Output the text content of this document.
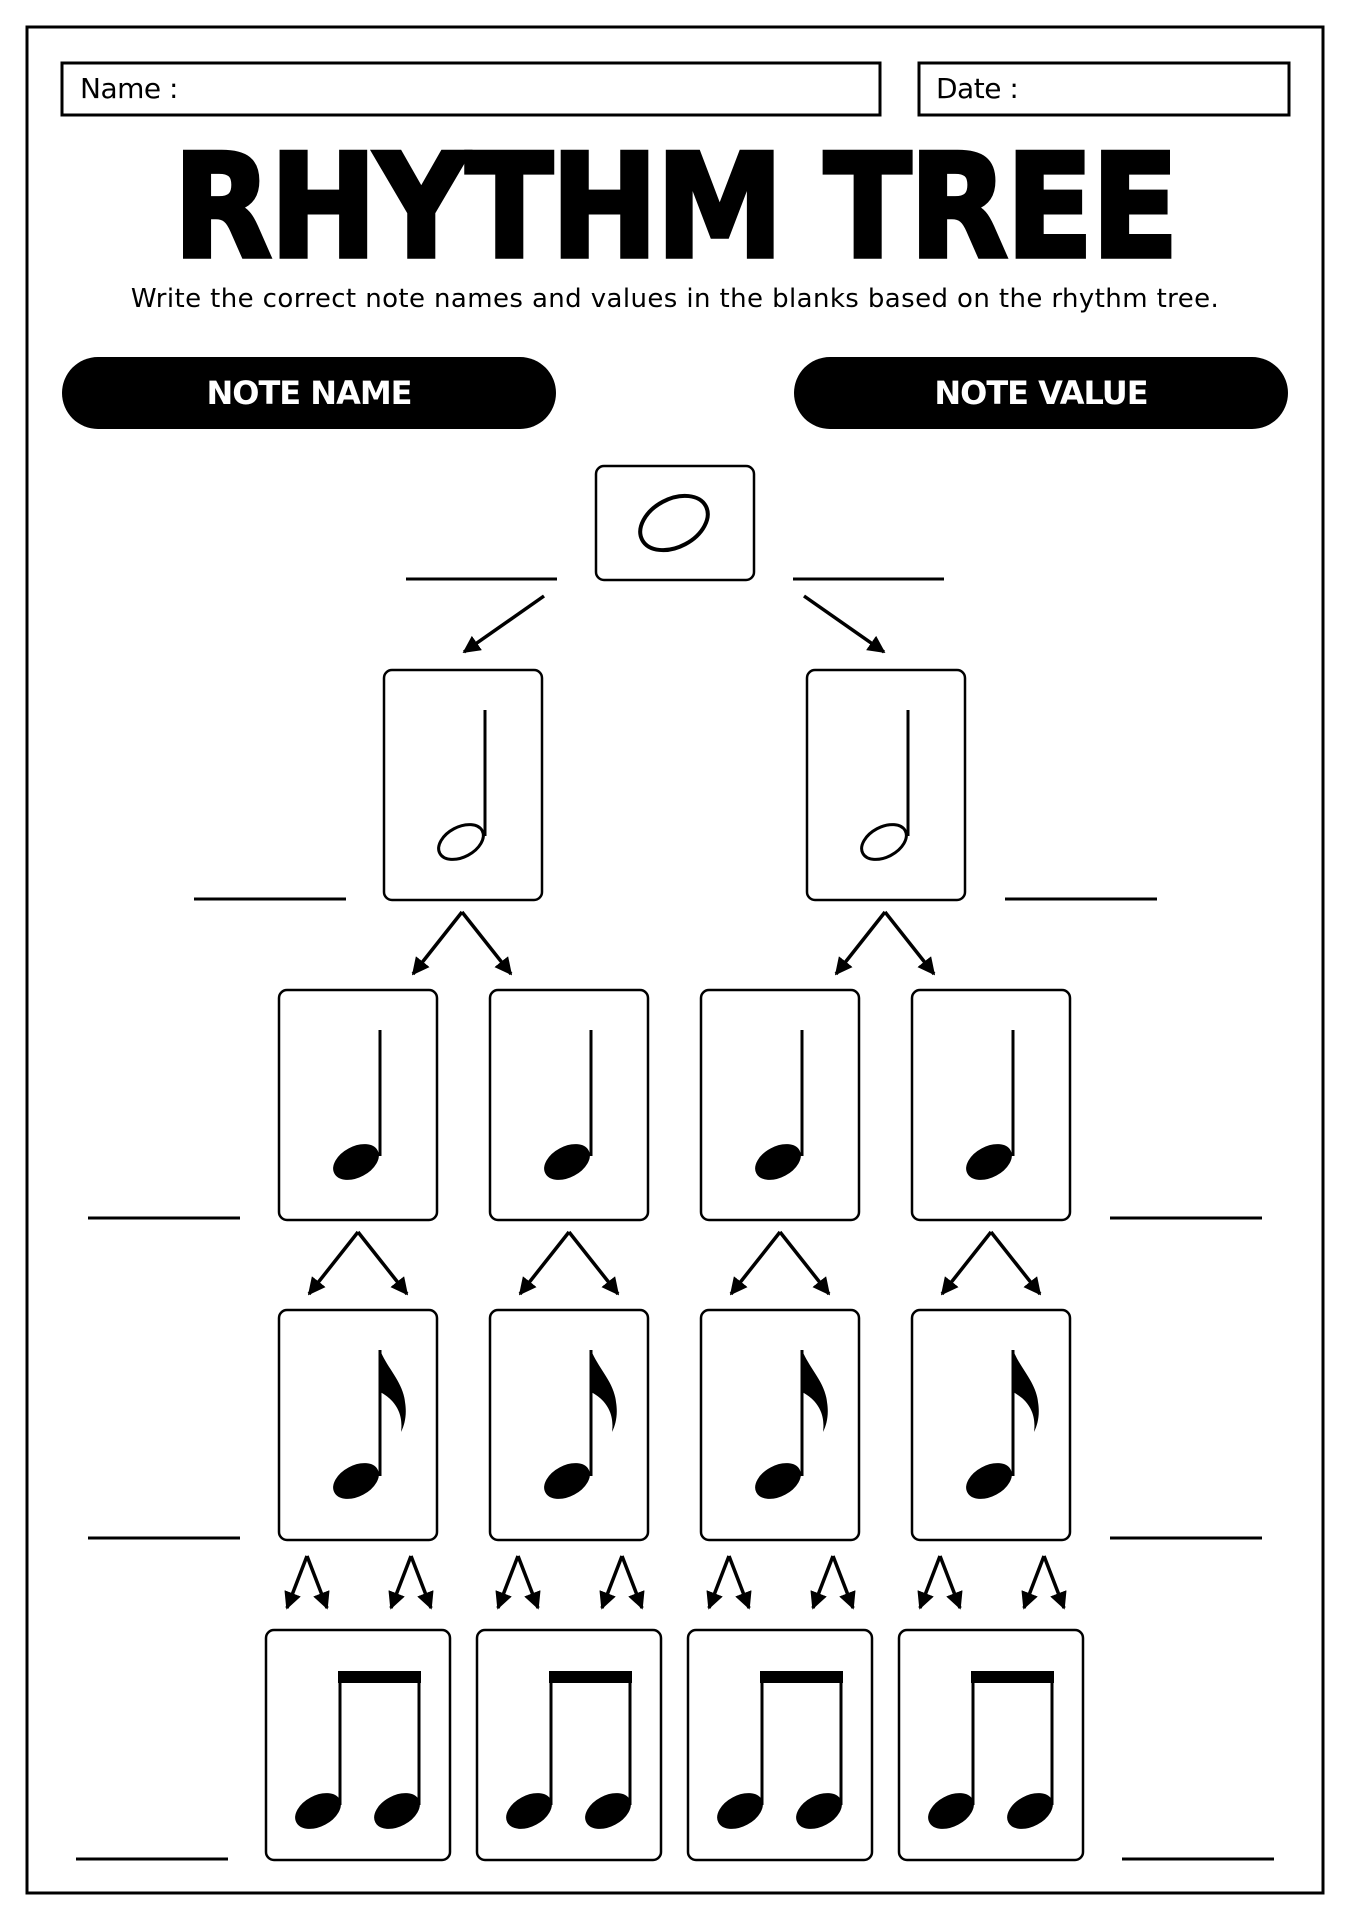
Name :	Date :
RHYTHM TREE
Write the correct note names and values in the blanks based on the rhythm tree.
NOTE NAME	NOTE VALUE
